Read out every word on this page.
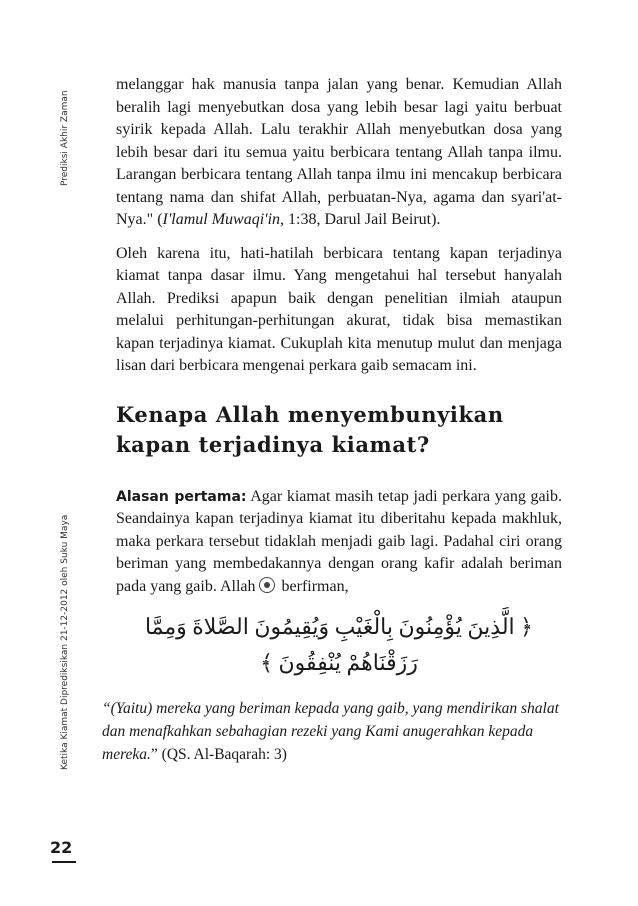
Prediksi Akhir Zaman
Ketika Kiamat Diprediksikan 21-12-2012 oleh Suku Maya
22

melanggar hak manusia tanpa jalan yang benar. Kemudian Allah beralih lagi menyebutkan dosa yang lebih besar lagi yaitu berbuat syirik kepada Allah. Lalu terakhir Allah menyebutkan dosa yang lebih besar dari itu semua yaitu berbicara tentang Allah tanpa ilmu. Larangan berbicara tentang Allah tanpa ilmu ini mencakup berbicara tentang nama dan shifat Allah, perbuatan-Nya, agama dan syari'at-Nya." (I'lamul Muwaqi'in, 1:38, Darul Jail Beirut).

Oleh karena itu, hati-hatilah berbicara tentang kapan terjadinya kiamat tanpa dasar ilmu. Yang mengetahui hal tersebut hanyalah Allah. Prediksi apapun baik dengan penelitian ilmiah ataupun melalui perhitungan-perhitungan akurat, tidak bisa memastikan kapan terjadinya kiamat. Cukuplah kita menutup mulut dan menjaga lisan dari berbicara mengenai perkara gaib semacam ini.

Kenapa Allah menyembunyikan kapan terjadinya kiamat?

Alasan pertama: Agar kiamat masih tetap jadi perkara yang gaib. Seandainya kapan terjadinya kiamat itu diberitahu kepada makhluk, maka perkara tersebut tidaklah menjadi gaib lagi. Padahal ciri orang beriman yang membedakannya dengan orang kafir adalah beriman pada yang gaib. Allah berfirman,

﴿ الَّذِينَ يُؤْمِنُونَ بِالْغَيْبِ وَيُقِيمُونَ الصَّلاةَ وَمِمَّا رَزَقْنَاهُمْ يُنْفِقُونَ ﴾

“(Yaitu) mereka yang beriman kepada yang gaib, yang mendirikan shalat dan menafkahkan sebahagian rezeki yang Kami anugerahkan kepada mereka.” (QS. Al-Baqarah: 3)
